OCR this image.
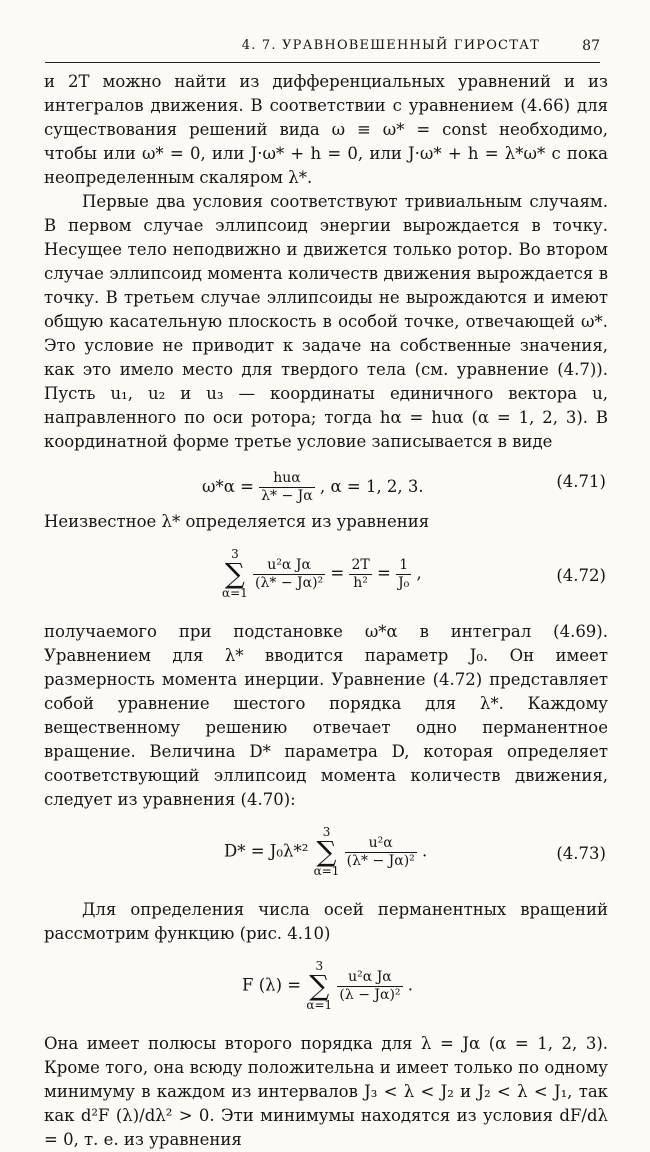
4. 7. УРАВНОВЕШЕННЫЙ ГИРОСТАТ	87

и 2T можно найти из дифференциальных уравнений и из интегралов движения. В соответствии с уравнением (4.66) для существования решений вида ω ≡ ω* = const необходимо, чтобы или ω* = 0, или J·ω* + h = 0, или J·ω* + h = λ*ω* с пока неопределенным скаляром λ*.

Первые два условия соответствуют тривиальным случаям. В первом случае эллипсоид энергии вырождается в точку. Несущее тело неподвижно и движется только ротор. Во втором случае эллипсоид момента количеств движения вырождается в точку. В третьем случае эллипсоиды не вырождаются и имеют общую касательную плоскость в особой точке, отвечающей ω*. Это условие не приводит к задаче на собственные значения, как это имело место для твердого тела (см. уравнение (4.7)). Пусть u₁, u₂ и u₃ — координаты единичного вектора u, направленного по оси ротора; тогда hα = huα (α = 1, 2, 3). В координатной форме третье условие записывается в виде

$\omega*\alpha = \frac{\text{huα}}{\lambda* - J\alpha}$ , α = 1, 2, 3.	(4.71)

Неизвестное λ* определяется из уравнения

3
∑
α=1

$\frac{\text{u²α Jα}}{\text{(λ* − Jα)²}} = \frac{2T}{\text{h²}} = \frac{1}{\text{J₀}}$ ,	(4.72)

получаемого при подстановке ω*α в интеграл (4.69). Уравнением для λ* вводится параметр J₀. Он имеет размерность момента инерции. Уравнение (4.72) представляет собой уравнение шестого порядка для λ*. Каждому вещественному решению отвечает одно перманентное вращение. Величина D* параметра D, которая определяет соответствующий эллипсоид момента количеств движения, следует из уравнения (4.70):

D* = J₀λ*²
3
∑
α=1

$\frac{\text{u²α}}{\text{(λ* − Jα)²}}$ .	(4.73)

Для определения числа осей перманентных вращений рассмотрим функцию (рис. 4.10)

F (λ) =
3
∑
α=1

$\frac{\text{u²α Jα}}{\text{(λ − Jα)²}}$ .

Она имеет полюсы второго порядка для λ = Jα (α = 1, 2, 3). Кроме того, она всюду положительна и имеет только по одному минимуму в каждом из интервалов J₃ < λ < J₂ и J₂ < λ < J₁, так как d²F (λ)/dλ² > 0. Эти минимумы находятся из условия dF/dλ = 0, т. е. из уравнения
